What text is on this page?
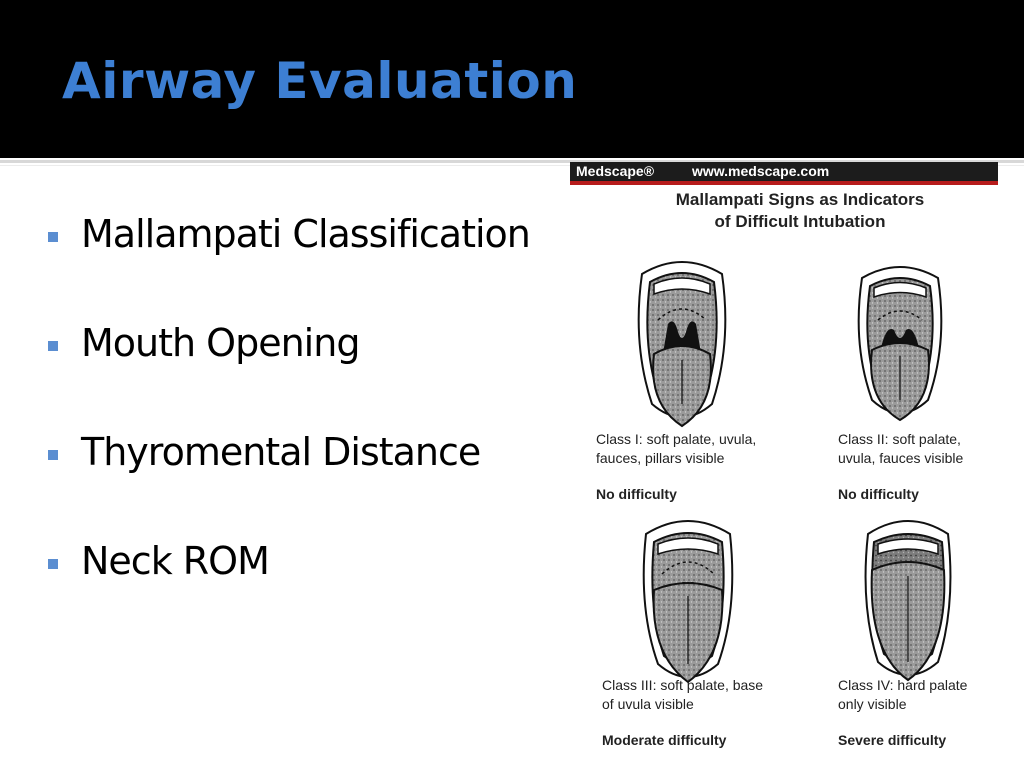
Airway Evaluation
Mallampati Classification
Mouth Opening
Thyromental Distance
Neck ROM
Medscape®	www.medscape.com
Mallampati Signs as Indicators
of Difficult Intubation
Class I: soft palate, uvula,
fauces, pillars visible
No difficulty
Class II: soft palate,
uvula, fauces visible
No difficulty
Class III: soft palate, base
of uvula visible
Moderate difficulty
Class IV: hard palate
only visible
Severe difficulty
